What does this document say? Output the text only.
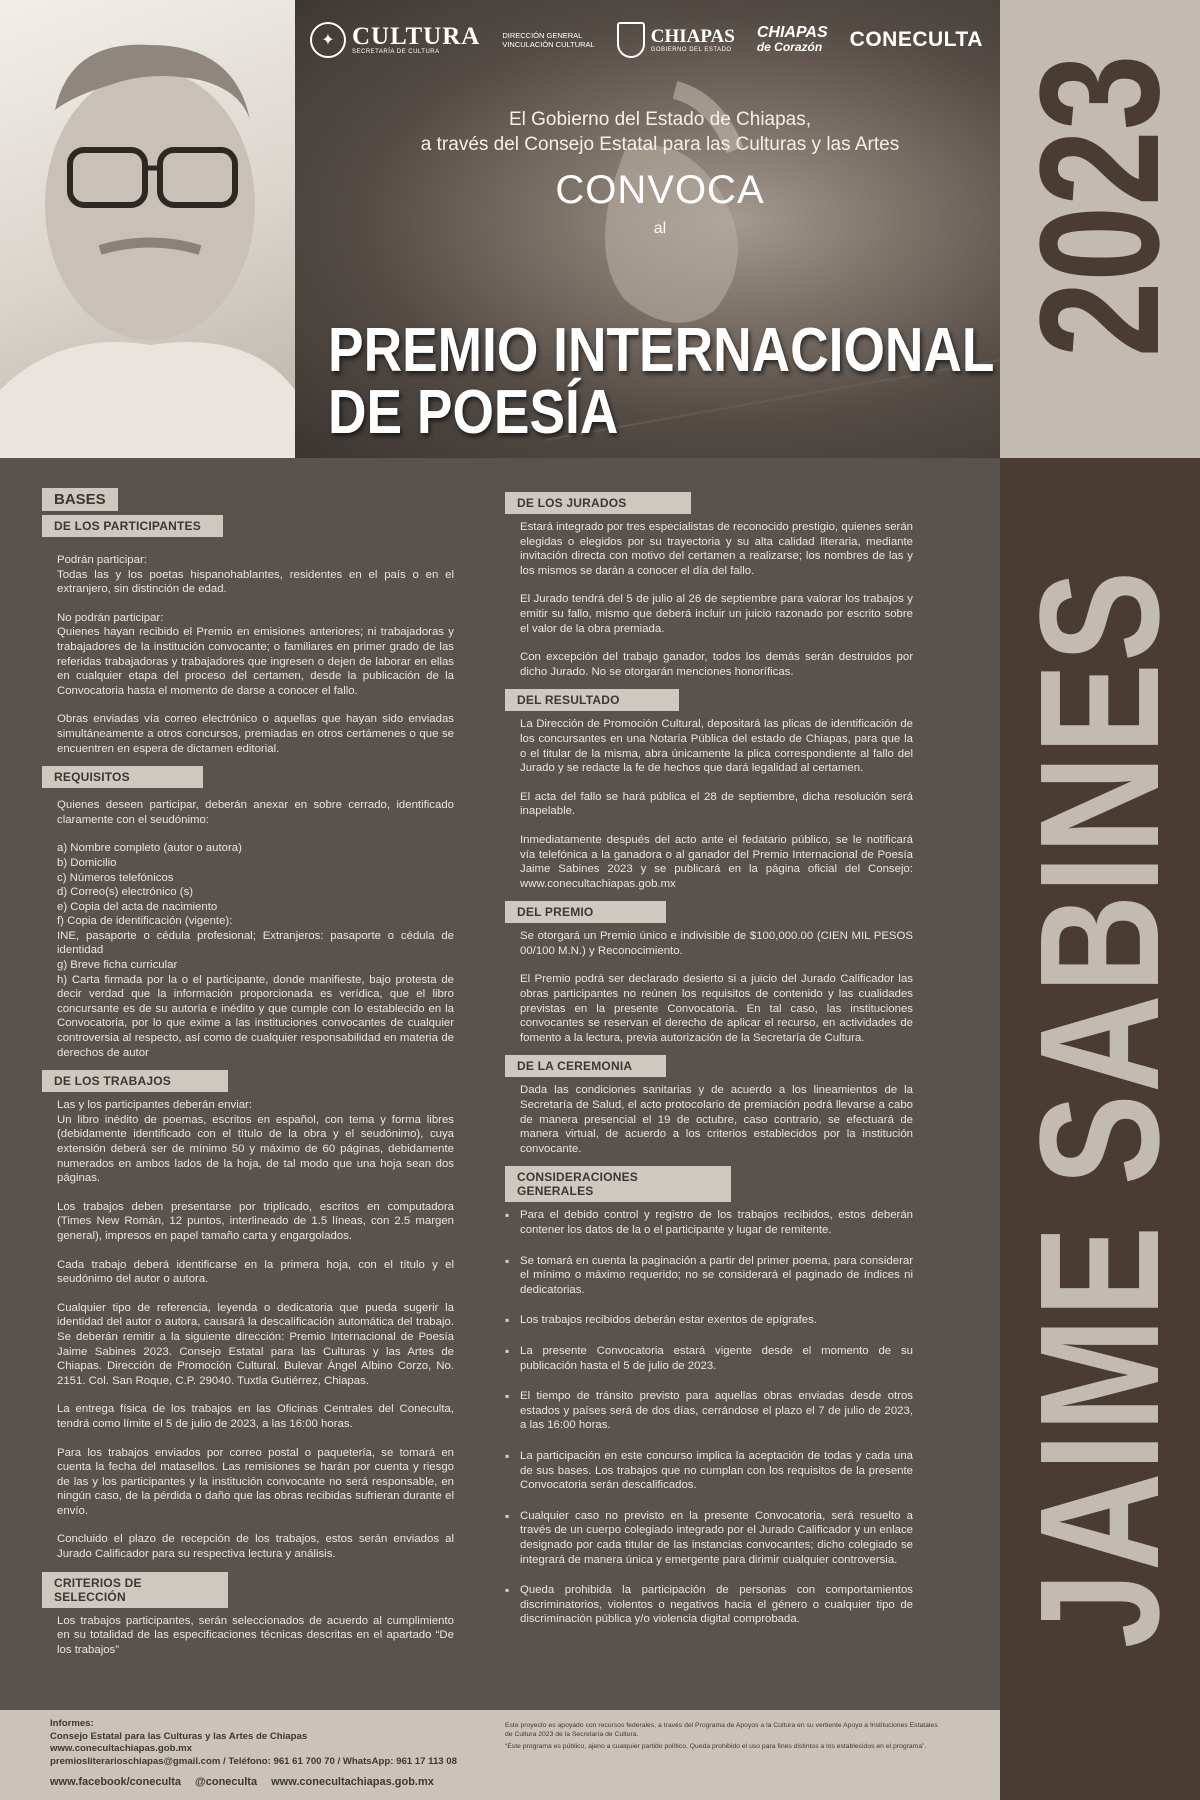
✦ CULTURA
SECRETARÍA DE CULTURA
DIRECCIÓN GENERAL
VINCULACIÓN CULTURAL	CHIAPAS
GOBIERNO DEL ESTADO
CHIAPAS
de Corazón CONECULTA
El Gobierno del Estado de Chiapas,
a través del Consejo Estatal para las Culturas y las Artes
CONVOCA
al
PREMIO INTERNACIONAL
DE POESÍA
JAIME SABINES
2023
BASES
DE LOS PARTICIPANTES
Podrán participar:
Todas las y los poetas hispanohablantes, residentes en el país o en el extranjero, sin distinción de edad.
No podrán participar:
Quienes hayan recibido el Premio en emisiones anteriores; ni trabajadoras y trabajadores de la institución convocante; o familiares en primer grado de las referidas trabajadoras y trabajadores que ingresen o dejen de laborar en ellas en cualquier etapa del proceso del certamen, desde la publicación de la Convocatoria hasta el momento de darse a conocer el fallo.
Obras enviadas vía correo electrónico o aquellas que hayan sido enviadas simultáneamente a otros concursos, premiadas en otros certámenes o que se encuentren en espera de dictamen editorial.
REQUISITOS
Quienes deseen participar, deberán anexar en sobre cerrado, identificado claramente con el seudónimo:
a) Nombre completo (autor o autora)
b) Domicilio
c) Números telefónicos
d) Correo(s) electrónico (s)
e) Copia del acta de nacimiento
f) Copia de identificación (vigente):
INE, pasaporte o cédula profesional; Extranjeros: pasaporte o cédula de identidad
g) Breve ficha curricular
h) Carta firmada por la o el participante, donde manifieste, bajo protesta de decir verdad que la información proporcionada es verídica, que el libro concursante es de su autoría e inédito y que cumple con lo establecido en la Convocatoria, por lo que exime a las instituciones convocantes de cualquier controversia al respecto, así como de cualquier responsabilidad en materia de derechos de autor
DE LOS TRABAJOS
Las y los participantes deberán enviar:
Un libro inédito de poemas, escritos en español, con tema y forma libres (debidamente identificado con el título de la obra y el seudónimo), cuya extensión deberá ser de mínimo 50 y máximo de 60 páginas, debidamente numerados en ambos lados de la hoja, de tal modo que una hoja sean dos páginas.
Los trabajos deben presentarse por triplicado, escritos en computadora (Times New Román, 12 puntos, interlineado de 1.5 líneas, con 2.5 margen general), impresos en papel tamaño carta y engargolados.
Cada trabajo deberá identificarse en la primera hoja, con el título y el seudónimo del autor o autora.
Cualquier tipo de referencia, leyenda o dedicatoria que pueda sugerir la identidad del autor o autora, causará la descalificación automática del trabajo. Se deberán remitir a la siguiente dirección: Premio Internacional de Poesía Jaime Sabines 2023. Consejo Estatal para las Culturas y las Artes de Chiapas. Dirección de Promoción Cultural. Bulevar Ángel Albino Corzo, No. 2151. Col. San Roque, C.P. 29040. Tuxtla Gutiérrez, Chiapas.
La entrega física de los trabajos en las Oficinas Centrales del Coneculta, tendrá como límite el 5 de julio de 2023, a las 16:00 horas.
Para los trabajos enviados por correo postal o paquetería, se tomará en cuenta la fecha del matasellos. Las remisiones se harán por cuenta y riesgo de las y los participantes y la institución convocante no será responsable, en ningún caso, de la pérdida o daño que las obras recibidas sufrieran durante el envío.
Concluido el plazo de recepción de los trabajos, estos serán enviados al Jurado Calificador para su respectiva lectura y análisis.
CRITERIOS DE SELECCIÓN
Los trabajos participantes, serán seleccionados de acuerdo al cumplimiento en su totalidad de las especificaciones técnicas descritas en el apartado “De los trabajos”
DE LOS JURADOS
Estará integrado por tres especialistas de reconocido prestigio, quienes serán elegidas o elegidos por su trayectoria y su alta calidad literaria, mediante invitación directa con motivo del certamen a realizarse; los nombres de las y los mismos se darán a conocer el día del fallo.
El Jurado tendrá del 5 de julio al 26 de septiembre para valorar los trabajos y emitir su fallo, mismo que deberá incluir un juicio razonado por escrito sobre el valor de la obra premiada.
Con excepción del trabajo ganador, todos los demás serán destruidos por dicho Jurado. No se otorgarán menciones honoríficas.
DEL RESULTADO
La Dirección de Promoción Cultural, depositará las plicas de identificación de los concursantes en una Notaría Pública del estado de Chiapas, para que la o el titular de la misma, abra únicamente la plica correspondiente al fallo del Jurado y se redacte la fe de hechos que dará legalidad al certamen.
El acta del fallo se hará pública el 28 de septiembre, dicha resolución será inapelable.
Inmediatamente después del acto ante el fedatario público, se le notificará vía telefónica a la ganadora o al ganador del Premio Internacional de Poesía Jaime Sabines 2023 y se publicará en la página oficial del Consejo: www.conecultachiapas.gob.mx
DEL PREMIO
Se otorgará un Premio único e indivisible de $100,000.00 (CIEN MIL PESOS 00/100 M.N.) y Reconocimiento.
El Premio podrá ser declarado desierto si a juicio del Jurado Calificador las obras participantes no reúnen los requisitos de contenido y las cualidades previstas en la presente Convocatoria. En tal caso, las instituciones convocantes se reservan el derecho de aplicar el recurso, en actividades de fomento a la lectura, previa autorización de la Secretaría de Cultura.
DE LA CEREMONIA
Dada las condiciones sanitarias y de acuerdo a los lineamientos de la Secretaría de Salud, el acto protocolario de premiación podrá llevarse a cabo de manera presencial el 19 de octubre, caso contrario, se efectuará de manera virtual, de acuerdo a los criterios establecidos por la institución convocante.
CONSIDERACIONES GENERALES
▪ Para el debido control y registro de los trabajos recibidos, estos deberán contener los datos de la o el participante y lugar de remitente.
▪ Se tomará en cuenta la paginación a partir del primer poema, para considerar el mínimo o máximo requerido; no se considerará el paginado de índices ni dedicatorias.
▪ Los trabajos recibidos deberán estar exentos de epígrafes.
▪ La presente Convocatoria estará vigente desde el momento de su publicación hasta el 5 de julio de 2023.
▪ El tiempo de tránsito previsto para aquellas obras enviadas desde otros estados y países será de dos días, cerrándose el plazo el 7 de julio de 2023, a las 16:00 horas.
▪ La participación en este concurso implica la aceptación de todas y cada una de sus bases. Los trabajos que no cumplan con los requisitos de la presente Convocatoria serán descalificados.
▪ Cualquier caso no previsto en la presente Convocatoria, será resuelto a través de un cuerpo colegiado integrado por el Jurado Calificador y un enlace designado por cada titular de las instancias convocantes; dicho colegiado se integrará de manera única y emergente para dirimir cualquier controversia.
▪ Queda prohibida la participación de personas con comportamientos discriminatorios, violentos o negativos hacia el género o cualquier tipo de discriminación pública y/o violencia digital comprobada.
Informes:
Consejo Estatal para las Culturas y las Artes de Chiapas
www.conecultachiapas.gob.mx
premiosliterarioschiapas@gmail.com / Teléfono: 961 61 700 70 / WhatsApp: 961 17 113 08
www.facebook/coneculta @coneculta www.conecultachiapas.gob.mx
Este proyecto es apoyado con recursos federales, a través del Programa de Apoyos a la Cultura en su vertiente Apoyo a Instituciones Estatales de Cultura 2023 de la Secretaría de Cultura.
“Este programa es público, ajeno a cualquier partido político. Queda prohibido el uso para fines distintos a los establecidos en el programa”.
